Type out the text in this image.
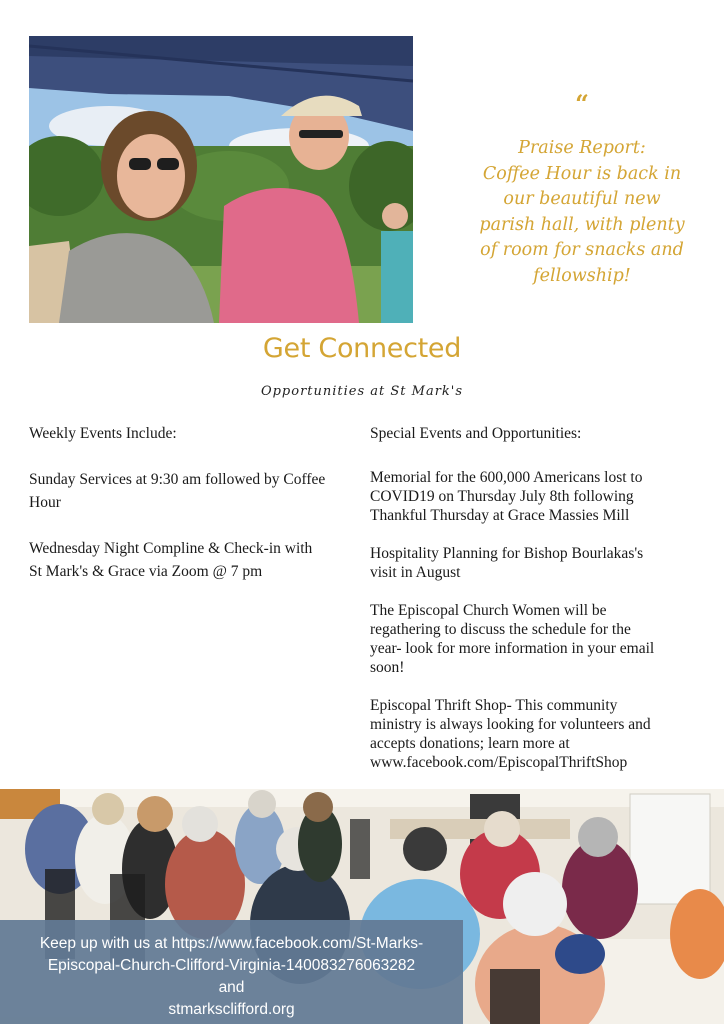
“
Praise Report:
Coffee Hour is back in
our beautiful new
parish hall, with plenty
of room for snacks and
fellowship!
Get Connected
Opportunities at St Mark's
Weekly Events Include:
Sunday Services at 9:30 am followed by Coffee
Hour
Wednesday Night Compline & Check-in with
St Mark's & Grace via Zoom @ 7 pm
Special Events and Opportunities:
Memorial for the 600,000 Americans lost to
COVID19 on Thursday July 8th following
Thankful Thursday at Grace Massies Mill
Hospitality Planning for Bishop Bourlakas's
visit in August
The Episcopal Church Women will be
regathering to discuss the schedule for the
year- look for more information in your email
soon!
Episcopal Thrift Shop- This community
ministry is always looking for volunteers and
accepts donations; learn more at
www.facebook.com/EpiscopalThriftShop
Keep up with us at https://www.facebook.com/St-Marks-
Episcopal-Church-Clifford-Virginia-140083276063282
and
stmarksclifford.org
